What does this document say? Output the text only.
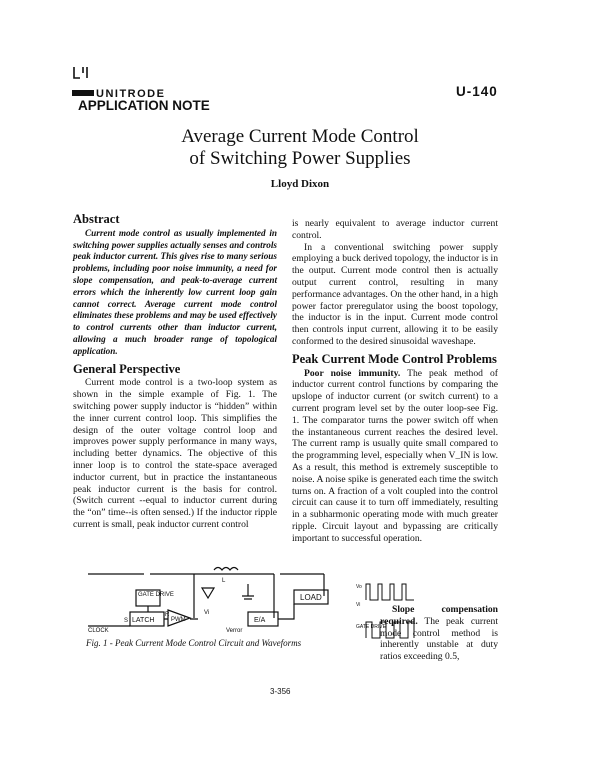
UNITRODE
APPLICATION NOTE
U-140
Average Current Mode Control
of Switching Power Supplies
Lloyd Dixon
Abstract

Current mode control as usually implemented in switching power supplies actually senses and controls peak inductor current. This gives rise to many serious problems, including poor noise immunity, a need for slope compensation, and peak-to-average current errors which the inherently low current loop gain cannot correct. Average current mode control eliminates these problems and may be used effectively to control currents other than inductor current, allowing a much broader range of topological application.

General Perspective

Current mode control is a two-loop system as shown in the simple example of Fig. 1. The switching power supply inductor is “hidden” within the inner current control loop. This simplifies the design of the outer voltage control loop and improves power supply performance in many ways, including better dynamics. The objective of this inner loop is to control the state-space averaged inductor current, but in practice the instantaneous peak inductor current is the basis for control. (Switch current --equal to inductor current during the “on” time--is often sensed.) If the inductor ripple current is small, peak inductor current control

is nearly equivalent to average inductor current control.

In a conventional switching power supply employing a buck derived topology, the inductor is in the output. Current mode control then is actually output current control, resulting in many performance advantages. On the other hand, in a high power factor preregulator using the boost topology, the inductor is in the input. Current mode control then controls input current, allowing it to be easily conformed to the desired sinusoidal waveshape.

Peak Current Mode Control Problems

Poor noise immunity. The peak method of inductor current control functions by comparing the upslope of inductor current (or switch current) to a current program level set by the outer loop-see Fig. 1. The comparator turns the power switch off when the instantaneous current reaches the desired level. The current ramp is usually quite small compared to the programming level, especially when V_IN is low. As a result, this method is extremely susceptible to noise. A noise spike is generated each time the switch turns on. A fraction of a volt coupled into the control circuit can cause it to turn off immediately, resulting in a subharmonic operating mode with much greater ripple. Circuit layout and bypassing are critically important to successful operation.

Slope compensation required. The peak current mode control method is inherently unstable at duty ratios exceeding 0.5,

GATE DRIVE	LOAD
LATCH	PWM	E/A
CLOCK	Verror
Vi
S
R
L
Vo
Vi
GATE DRIVE
Fig. 1 - Peak Current Mode Control Circuit and Waveforms
3-356
